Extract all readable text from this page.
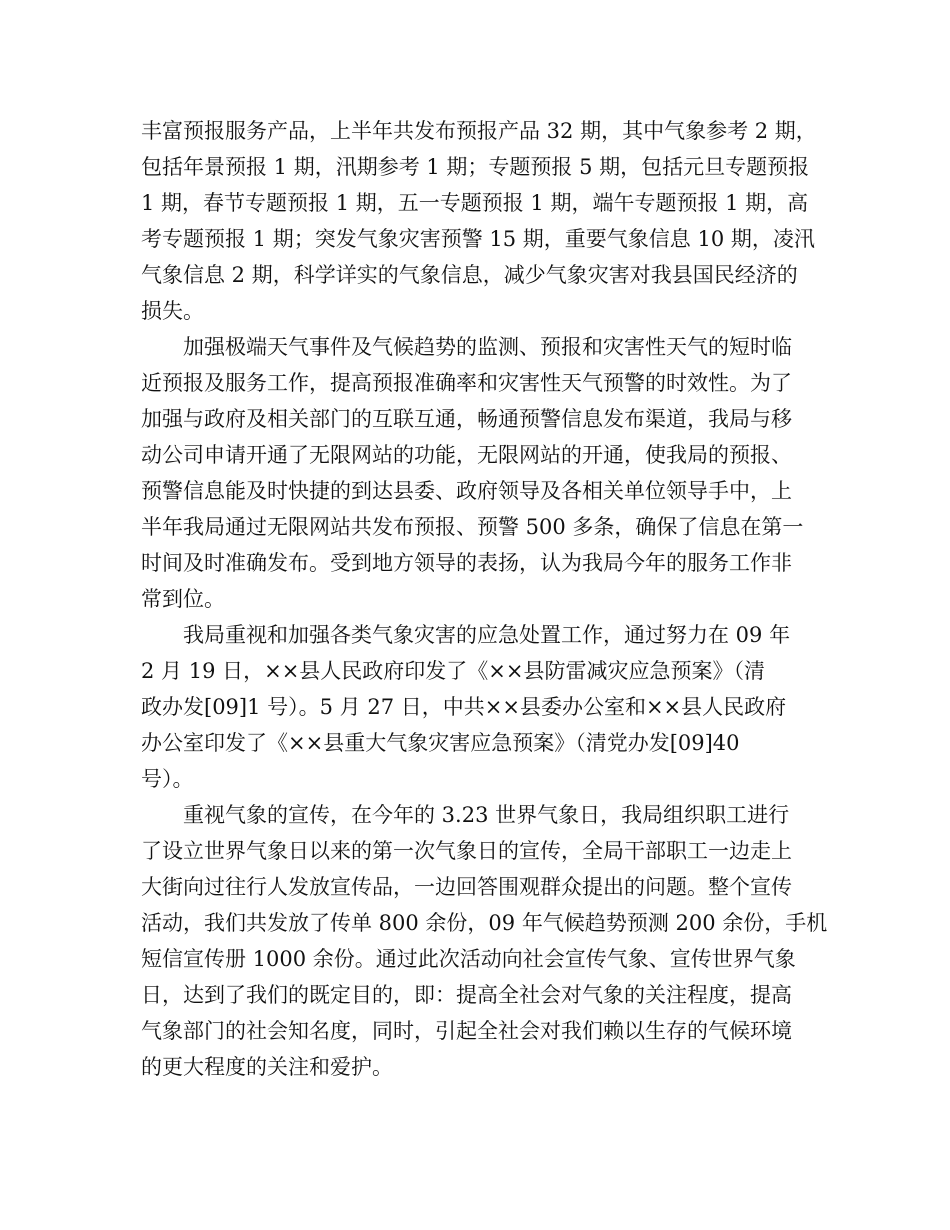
丰富预报服务产品，上半年共发布预报产品 32 期，其中气象参考 2 期，
包括年景预报 1 期，汛期参考 1 期；专题预报 5 期，包括元旦专题预报
1 期，春节专题预报 1 期，五一专题预报 1 期，端午专题预报 1 期，高
考专题预报 1 期；突发气象灾害预警 15 期，重要气象信息 10 期，凌汛
气象信息 2 期，科学详实的气象信息，减少气象灾害对我县国民经济的
损失。
加强极端天气事件及气候趋势的监测、预报和灾害性天气的短时临
近预报及服务工作，提高预报准确率和灾害性天气预警的时效性。为了
加强与政府及相关部门的互联互通，畅通预警信息发布渠道，我局与移
动公司申请开通了无限网站的功能，无限网站的开通，使我局的预报、
预警信息能及时快捷的到达县委、政府领导及各相关单位领导手中，上
半年我局通过无限网站共发布预报、预警 500 多条，确保了信息在第一
时间及时准确发布。受到地方领导的表扬，认为我局今年的服务工作非
常到位。
我局重视和加强各类气象灾害的应急处置工作，通过努力在 09 年
2 月 19 日，××县人民政府印发了《××县防雷减灾应急预案》（清
政办发[09]1 号）。5 月 27 日，中共××县委办公室和××县人民政府
办公室印发了《××县重大气象灾害应急预案》（清党办发[09]40
号）。
重视气象的宣传，在今年的 3.23 世界气象日，我局组织职工进行
了设立世界气象日以来的第一次气象日的宣传，全局干部职工一边走上
大街向过往行人发放宣传品，一边回答围观群众提出的问题。整个宣传
活动，我们共发放了传单 800 余份，09 年气候趋势预测 200 余份，手机
短信宣传册 1000 余份。通过此次活动向社会宣传气象、宣传世界气象
日，达到了我们的既定目的，即：提高全社会对气象的关注程度，提高
气象部门的社会知名度，同时，引起全社会对我们赖以生存的气候环境
的更大程度的关注和爱护。
